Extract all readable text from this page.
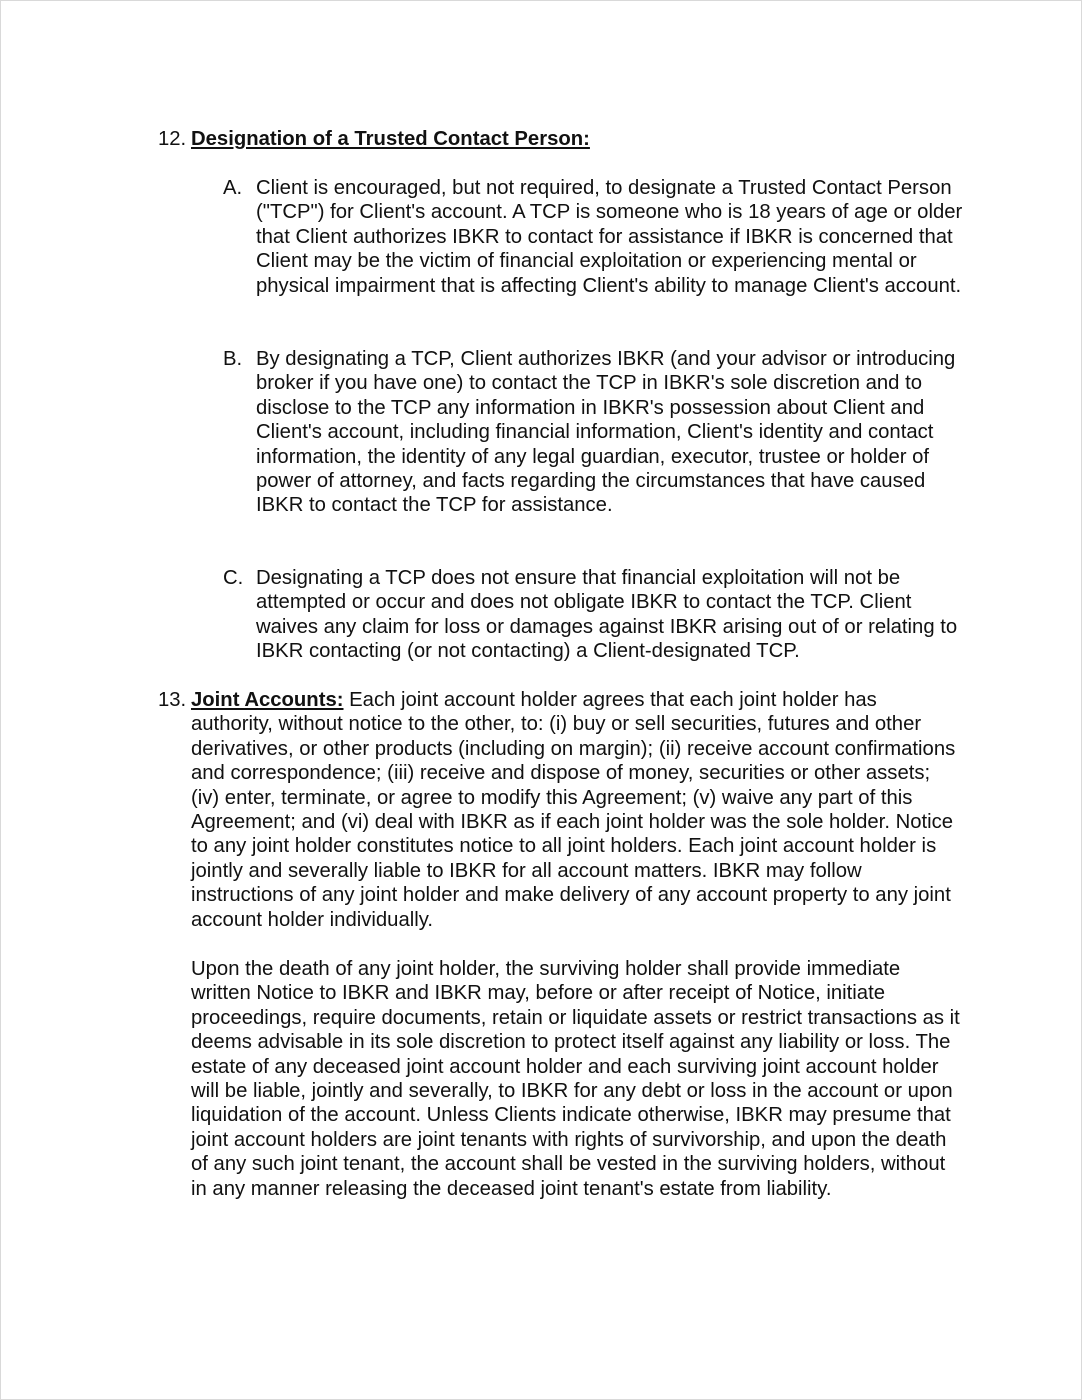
12. Designation of a Trusted Contact Person:
A. Client is encouraged, but not required, to designate a Trusted Contact Person ("TCP") for Client's account. A TCP is someone who is 18 years of age or older that Client authorizes IBKR to contact for assistance if IBKR is concerned that Client may be the victim of financial exploitation or experiencing mental or physical impairment that is affecting Client's ability to manage Client's account.
B. By designating a TCP, Client authorizes IBKR (and your advisor or introducing broker if you have one) to contact the TCP in IBKR's sole discretion and to disclose to the TCP any information in IBKR's possession about Client and Client's account, including financial information, Client's identity and contact information, the identity of any legal guardian, executor, trustee or holder of power of attorney, and facts regarding the circumstances that have caused IBKR to contact the TCP for assistance.
C. Designating a TCP does not ensure that financial exploitation will not be attempted or occur and does not obligate IBKR to contact the TCP. Client waives any claim for loss or damages against IBKR arising out of or relating to IBKR contacting (or not contacting) a Client-designated TCP.
13. Joint Accounts: Each joint account holder agrees that each joint holder has authority, without notice to the other, to: (i) buy or sell securities, futures and other derivatives, or other products (including on margin); (ii) receive account confirmations and correspondence; (iii) receive and dispose of money, securities or other assets; (iv) enter, terminate, or agree to modify this Agreement; (v) waive any part of this Agreement; and (vi) deal with IBKR as if each joint holder was the sole holder. Notice to any joint holder constitutes notice to all joint holders. Each joint account holder is jointly and severally liable to IBKR for all account matters. IBKR may follow instructions of any joint holder and make delivery of any account property to any joint account holder individually.
Upon the death of any joint holder, the surviving holder shall provide immediate written Notice to IBKR and IBKR may, before or after receipt of Notice, initiate proceedings, require documents, retain or liquidate assets or restrict transactions as it deems advisable in its sole discretion to protect itself against any liability or loss. The estate of any deceased joint account holder and each surviving joint account holder will be liable, jointly and severally, to IBKR for any debt or loss in the account or upon liquidation of the account. Unless Clients indicate otherwise, IBKR may presume that joint account holders are joint tenants with rights of survivorship, and upon the death of any such joint tenant, the account shall be vested in the surviving holders, without in any manner releasing the deceased joint tenant's estate from liability.
